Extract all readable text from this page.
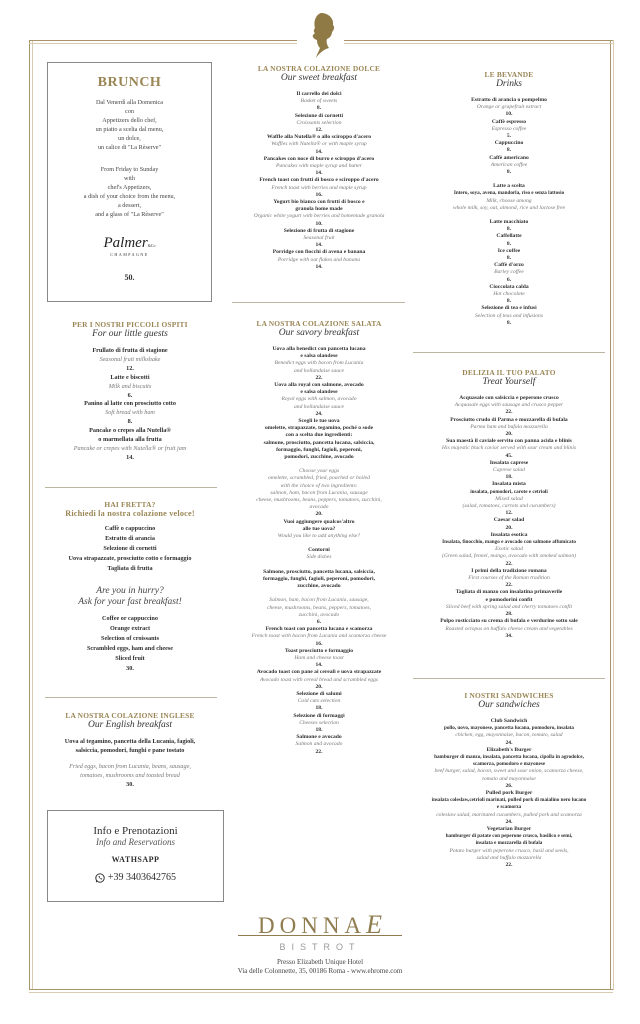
BRUNCH
Dal Venerdì alla Domenica
con
Appetizers dello chef,
un piatto a scelta dal menu,
un dolce,
un calice di "La Rèserve"
From Friday to Sunday
with
chef's Appetizers,
a dish of your choice from the menu,
a dessert,
and a glass of "La Rèserve"
Palmer&Co
CHAMPAGNE
50.
PER I NOSTRI PICCOLI OSPITI
For our little guests
Frullato di frutta di stagione
Seasonal fruit milkshake
12.
Latte e biscotti
Milk and biscuits
6.
Panino al latte con prosciutto cotto
Soft bread with ham
8.
Pancake o crepes alla Nutella®
o marmellata alla frutta
Pancake or crepes with Nutella® or fruit jam
14.
HAI FRETTA?
Richiedi la nostra colazione veloce!
Caffè o cappuccino
Estratto di arancia
Selezione di cornetti
Uova strapazzate, prosciutto cotto e formaggio
Tagliata di frutta
Are you in hurry?
Ask for your fast breakfast!
Coffee or cappuccino
Orange extract
Selection of croissants
Scrambled eggs, ham and cheese
Sliced fruit
30.
LA NOSTRA COLAZIONE INGLESE
Our English breakfast
Uova al tegamino, pancetta della Lucania, fagioli,
salsiccia, pomodori, funghi e pane tostato
Fried eggs, bacon from Lucania, beans, sausage,
tomatoes, mushrooms and toasted bread
30.
Info e Prenotazioni
Info and Reservations
WATHSAPP
+39 3403642765
LA NOSTRA COLAZIONE DOLCE
Our sweet breakfast
Il carrello dei dolci
Basket of sweets
8.
Selezione di cornetti
Croissants selection
12.
Waffle alla Nutella® o allo sciroppo d'acero
Waffles with Nutella® or with maple syrup
14.
Pancakes con noce di burro e sciroppo d'acero
Pancakes with maple syrup and butter
14.
French toast con frutti di bosco e sciroppo d'acero
French toast with berries and maple syrup
16.
Yogurt bio bianco con frutti di bosco e
granola home made
Organic white yogurt with berries and homemade granola
10.
Selezione di frutta di stagione
Seasonal fruit
14.
Porridge con fiocchi di avena e banana
Porridge with oat flakes and banana
14.
LA NOSTRA COLAZIONE SALATA
Our savory breakfast
Uova alla benedict con pancetta lucana
e salsa olandese
Benedict eggs with bacon from Lucania
and hollandaise sauce
22.
Uova alla royal con salmone, avocado
e salsa olandese
Royal eggs with salmon, avocado
and hollandaise sauce
24.
Scegli le tue uova
omelette, strapazzate, tegamino, poché o sode
con a scelta due ingredienti:
salmone, prosciutto, pancetta lucana, salsiccia,
formaggio, funghi, fagioli, peperoni,
pomodori, zucchine, avocado
Choose your eggs
omelette, scrambled, fried, poached or boiled
with the choice of two ingredients:
salmon, ham, bacon from Lucania, sausage
cheese, mushrooms, beans, peppers, tomatoes, zucchini,
avocado
20.
Vuoi aggiungere qualcos'altro
alle tue uova?
Would you like to add anything else?
Contorni
Side dishes
Salmone, prosciutto, pancetta lucana, salsiccia,
formaggio, funghi, fagioli, peperoni, pomodori,
zucchine, avocado
Salmon, ham, bacon from Lucania, sausage,
cheese, mushrooms, beans, peppers, tomatoes,
zucchini, avocado
6.
French toast con pancetta lucana e scamorza
French toast with bacon from Lucania and scamorza cheese
16.
Toast prosciutto e formaggio
Ham and cheese toast
14.
Avocado toast con pane ai cereali e uova strapazzate
Avocado toast with cereal bread and scrambled eggs
20.
Selezione di salumi
Cold cuts selection
18.
Selezione di formaggi
Cheeses selection
18.
Salmone e avocado
Salmon and avocado
22.
LE BEVANDE
Drinks
Estratto di arancia o pompelmo
Orange or grapefruit extract
10.
Caffè espresso
Espresso coffee
5.
Cappuccino
8.
Caffè americano
American coffee
8.
Latte a scelta
Intero, soya, avena, mandorla, riso e senza lattosio
Milk, choose among
whole milk, soy, oat, almond, rice and lactose free
Latte macchiato
8.
Caffellatte
8.
Ice coffee
8.
Caffè d'orzo
Barley coffee
6.
Cioccolata calda
Hot chocolate
8.
Selezione di tea e infusi
Selection of teas and infusions
8.
DELIZIA IL TUO PALATO
Treat Yourself
Acquasale con salsiccia e peperone crusco
Acquasale eggs with sausage and crusco pepper
22.
Prosciutto crudo di Parma e mozzarella di bufala
Parma ham and bufala mozzarella
20.
Sua maestà il caviale servito con panna acida e blinis
His majestic black caviar served with sour cream and blinis
45.
Insalata caprese
Caprese salad
18.
Insalata mista
insalata, pomodori, carote e cetrioli
Mixed salad
(salad, tomatoes, carrots and cucumbers)
12.
Caesar salad
20.
Insalata esotica
Insalata, finocchio, mango e avocado con salmone affumicato
Exotic salad
(Green salad, fennel, mango, avocado with smoked salmon)
22.
I primi della tradizione romana
First courses of the Roman tradition
22.
Tagliata di manzo con insalatina primaverile
e pomodorini confit
Sliced beef with spring salad and cherry tomatoes confit
28.
Polpo rosticciato su crema di bufala e verdurine sotto sale
Roasted octopus on buffalo cheese cream and vegetables
34.
I NOSTRI SANDWICHES
Our sandwiches
Club Sandwich
pollo, uovo, mayonese, pancetta lucana, pomodoro, insalata
chicken, egg, mayonnaise, bacon, tomato, salad
24.
Elizabeth's Burger
hamburger di manzo, insalata, pancetta lucana, cipolla in agrodolce,
scamorza, pomodoro e mayonese
beef burger, salad, bacon, sweet and sour onion, scamorza cheese,
tomato and mayonnaise
26.
Pulled pork Burger
insalata coleslaw,cetrioli marinati, pulled pork di maialino nero lucano
e scamorza
coleslaw salad, marinated cucumbers, pulled pork and scamorza
24.
Vegetarian Burger
hamburger di patate con peperone crusco, basilico e semi,
insalata e mozzarella di bufala
Potato burger with peperone crusco, basil and seeds,
salad and buffalo mozzarella
22.
DONNAE
BISTROT
Presso Elizabeth Unique Hotel
Via delle Colonnette, 35, 00186 Roma - www.ehrome.com
